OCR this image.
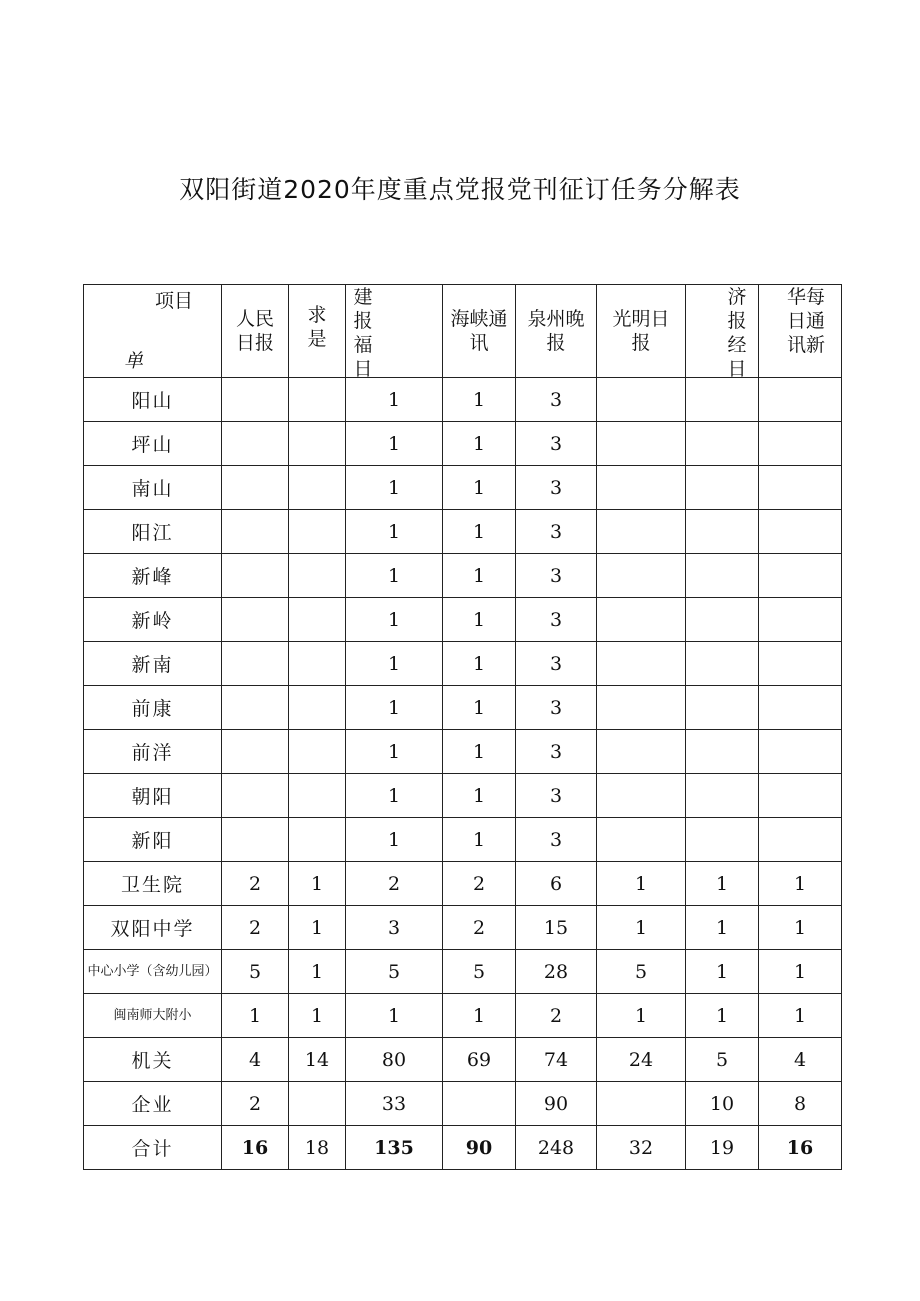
双阳街道2020年度重点党报党刊征订任务分解表
项目
单	人民日报	求是	建报福日	海峡通讯	泉州晚报	光明日报	济报经日	华每日通讯新

阳山			1	1	3			
坪山			1	1	3			
南山			1	1	3			
阳江			1	1	3			
新峰			1	1	3			
新岭			1	1	3			
新南			1	1	3			
前康			1	1	3			
前洋			1	1	3			
朝阳			1	1	3			
新阳			1	1	3			
卫生院	2	1	2	2	6	1	1	1
双阳中学	2	1	3	2	15	1	1	1
中心小学（含幼儿园）	5	1	5	5	28	5	1	1
闽南师大附小	1	1	1	1	2	1	1	1
机关	4	14	80	69	74	24	5	4
企业	2		33		90		10	8
合计	16	18	135	90	248	32	19	16
